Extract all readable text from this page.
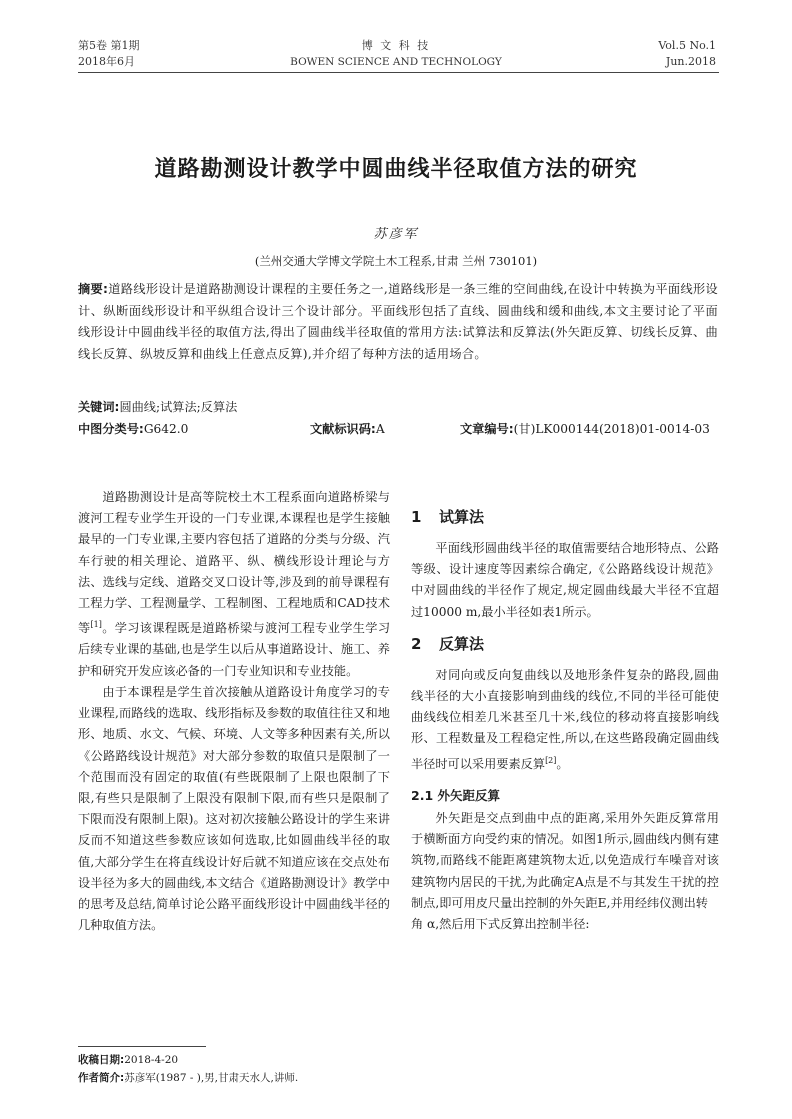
第5卷 第1期
2018年6月
博 文 科 技
BOWEN SCIENCE AND TECHNOLOGY
Vol.5 No.1
Jun.2018
道路勘测设计教学中圆曲线半径取值方法的研究
苏彦军
(兰州交通大学博文学院土木工程系,甘肃 兰州 730101)
摘要:道路线形设计是道路勘测设计课程的主要任务之一,道路线形是一条三维的空间曲线,在设计中转换为平面线形设计、纵断面线形设计和平纵组合设计三个设计部分。平面线形包括了直线、圆曲线和缓和曲线,本文主要讨论了平面线形设计中圆曲线半径的取值方法,得出了圆曲线半径取值的常用方法:试算法和反算法(外矢距反算、切线长反算、曲线长反算、纵坡反算和曲线上任意点反算),并介绍了每种方法的适用场合。
关键词:圆曲线;试算法;反算法
中图分类号:G642.0	文献标识码:A	文章编号:(甘)LK000144(2018)01-0014-03

道路勘测设计是高等院校土木工程系面向道路桥梁与渡河工程专业学生开设的一门专业课,本课程也是学生接触最早的一门专业课,主要内容包括了道路的分类与分级、汽车行驶的相关理论、道路平、纵、横线形设计理论与方法、选线与定线、道路交叉口设计等,涉及到的前导课程有工程力学、工程测量学、工程制图、工程地质和CAD技术等[1]。学习该课程既是道路桥梁与渡河工程专业学生学习后续专业课的基础,也是学生以后从事道路设计、施工、养护和研究开发应该必备的一门专业知识和专业技能。

由于本课程是学生首次接触从道路设计角度学习的专业课程,而路线的选取、线形指标及参数的取值往往又和地形、地质、水文、气候、环境、人文等多种因素有关,所以《公路路线设计规范》对大部分参数的取值只是限制了一个范围而没有固定的取值(有些既限制了上限也限制了下限,有些只是限制了上限没有限制下限,而有些只是限制了下限而没有限制上限)。这对初次接触公路设计的学生来讲反而不知道这些参数应该如何选取,比如圆曲线半径的取值,大部分学生在将直线设计好后就不知道应该在交点处布设半径为多大的圆曲线,本文结合《道路勘测设计》教学中的思考及总结,简单讨论公路平面线形设计中圆曲线半径的几种取值方法。

1 试算法

平面线形圆曲线半径的取值需要结合地形特点、公路等级、设计速度等因素综合确定,《公路路线设计规范》中对圆曲线的半径作了规定,规定圆曲线最大半径不宜超过10000 m,最小半径如表1所示。

2 反算法

对同向或反向复曲线以及地形条件复杂的路段,圆曲线半径的大小直接影响到曲线的线位,不同的半径可能使曲线线位相差几米甚至几十米,线位的移动将直接影响线形、工程数量及工程稳定性,所以,在这些路段确定圆曲线半径时可以采用要素反算[2]。

2.1 外矢距反算

外矢距是交点到曲中点的距离,采用外矢距反算常用于横断面方向受约束的情况。如图1所示,圆曲线内侧有建筑物,而路线不能距离建筑物太近,以免造成行车噪音对该建筑物内居民的干扰,为此确定A点是不与其发生干扰的控制点,即可用皮尺量出控制的外矢距E,并用经纬仪测出转

角 α,然后用下式反算出控制半径:
收稿日期:2018-4-20
作者简介:苏彦军(1987 - ),男,甘肃天水人,讲师.
